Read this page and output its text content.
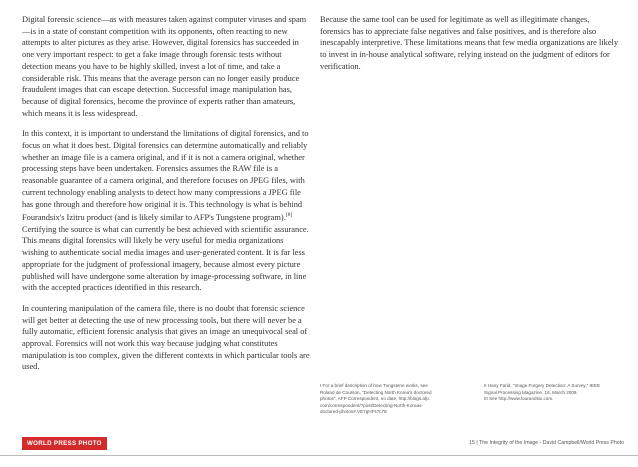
Digital forensic science—as with measures taken against computer viruses and spam—is in a state of constant competition with its opponents, often reacting to new attempts to alter pictures as they arise. However, digital forensics has succeeded in one very important respect: to get a fake image through forensic tests without detection means you have to be highly skilled, invest a lot of time, and take a considerable risk. This means that the average person can no longer easily produce fraudulent images that can escape detection. Successful image manipulation has, because of digital forensics, become the province of experts rather than amateurs, which means it is less widespread.

In this context, it is important to understand the limitations of digital forensics, and to focus on what it does best. Digital forensics can determine automatically and reliably whether an image file is a camera original, and if it is not a camera original, whether processing steps have been undertaken. Forensics assumes the RAW file is a reasonable guarantee of a camera original, and therefore focuses on JPEG files, with current technology enabling analysts to detect how many compressions a JPEG file has gone through and therefore how original it is. This technology is what is behind Fourandsix's Izitru product (and is likely similar to AFP's Tungstene program).[8] Certifying the source is what can currently be best achieved with scientific assurance. This means digital forensics will likely be very useful for media organizations wishing to authenticate social media images and user-generated content. It is far less appropriate for the judgment of professional imagery, because almost every picture published will have undergone some alteration by image-processing software, in line with the accepted practices identified in this research.

In countering manipulation of the camera file, there is no doubt that forensic science will get better at detecting the use of new processing tools, but there will never be a fully automatic, efficient forensic analysis that gives an image an unequivocal seal of approval. Forensics will not work this way because judging what constitutes manipulation is too complex, given the different contexts in which particular tools are used.

Because the same tool can be used for legitimate as well as illegitimate changes, forensics has to appreciate false negatives and false positives, and is therefore also inescapably interpretive. These limitations means that few media organizations are likely to invest in in-house analytical software, relying instead on the judgment of editors for verification.

I For a brief description of how Tungstene works, see
Roland de Courson, "Detecting North Korea's doctored
photos", AFP Correspondent, no date, http://blogs.afp.
com/correspondent/?post/Detecting-North-Koreas-
doctored-photos#.VE7gHFs7c7E
II Hany Farid, "Image Forgery Detection: A Survey," IEEE
Signal Processing Magazine, 16, March 2009.
III See http://www.fourandsix.com.
WORLD PRESS PHOTO	15 | The Integrity of the Image - David Campbell/World Press Photo
